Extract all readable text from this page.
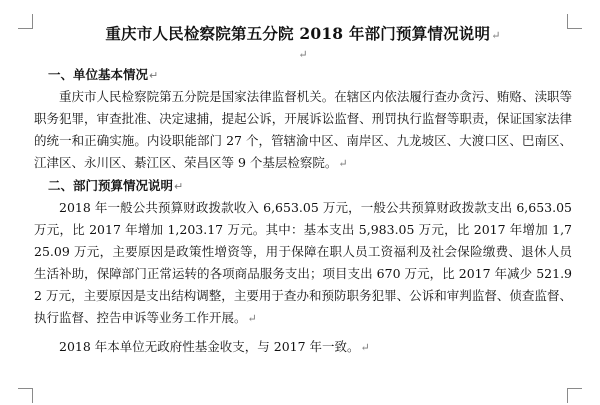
重庆市人民检察院第五分院 2018 年部门预算情况说明↵
↵
一、单位基本情况↵

重庆市人民检察院第五分院是国家法律监督机关。在辖区内依法履行查办贪污、贿赂、渎职等职务犯罪，审查批准、决定逮捕，提起公诉，开展诉讼监督、刑罚执行监督等职责，保证国家法律的统一和正确实施。内设职能部门 27 个，管辖渝中区、南岸区、九龙坡区、大渡口区、巴南区、江津区、永川区、綦江区、荣昌区等 9 个基层检察院。↵

二、部门预算情况说明↵

2018 年一般公共预算财政拨款收入 6,653.05 万元，一般公共预算财政拨款支出 6,653.05 万元，比 2017 年增加 1,203.17 万元。其中：基本支出 5,983.05 万元，比 2017 年增加 1,725.09 万元，主要原因是政策性增资等，用于保障在职人员工资福利及社会保险缴费、退休人员生活补助，保障部门正常运转的各项商品服务支出；项目支出 670 万元，比 2017 年减少 521.92 万元，主要原因是支出结构调整，主要用于查办和预防职务犯罪、公诉和审判监督、侦查监督、执行监督、控告申诉等业务工作开展。↵

2018 年本单位无政府性基金收支，与 2017 年一致。↵
